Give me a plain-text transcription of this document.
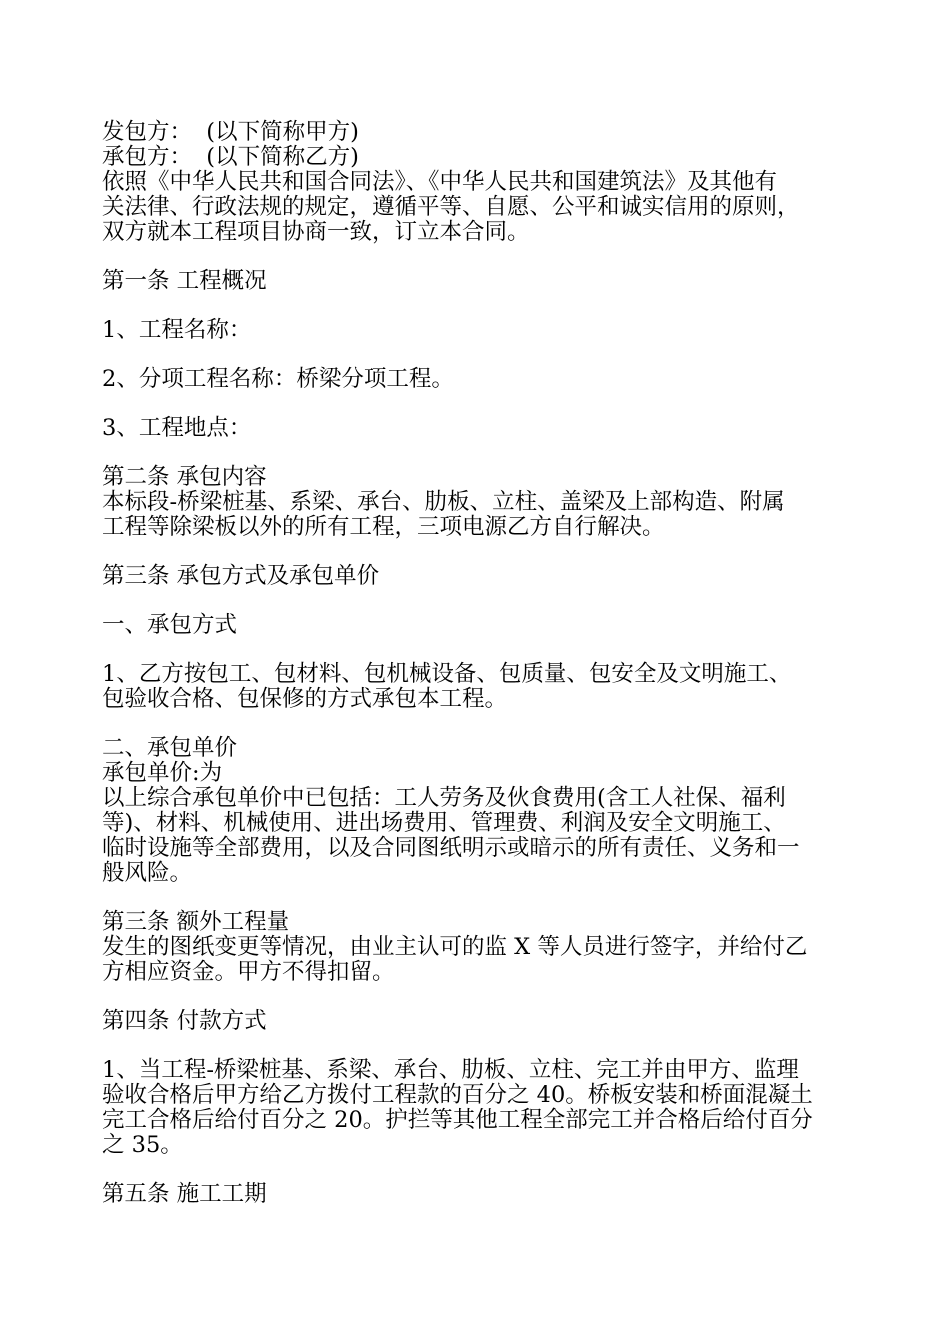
发包方：  (以下简称甲方)
承包方：  (以下简称乙方)
依照《中华人民共和国合同法》、《中华人民共和国建筑法》及其他有
关法律、行政法规的规定，遵循平等、自愿、公平和诚实信用的原则，
双方就本工程项目协商一致，订立本合同。
第一条 工程概况
1、工程名称：
2、分项工程名称：桥梁分项工程。
3、工程地点：
第二条 承包内容
本标段-桥梁桩基、系梁、承台、肋板、立柱、盖梁及上部构造、附属
工程等除梁板以外的所有工程，三项电源乙方自行解决。
第三条 承包方式及承包单价
一、承包方式
1、乙方按包工、包材料、包机械设备、包质量、包安全及文明施工、
包验收合格、包保修的方式承包本工程。
二、承包单价
承包单价:为
以上综合承包单价中已包括：工人劳务及伙食费用(含工人社保、福利
等)、材料、机械使用、进出场费用、管理费、利润及安全文明施工、
临时设施等全部费用，以及合同图纸明示或暗示的所有责任、义务和一
般风险。
第三条 额外工程量
发生的图纸变更等情况，由业主认可的监 X 等人员进行签字，并给付乙
方相应资金。甲方不得扣留。
第四条 付款方式
1、当工程-桥梁桩基、系梁、承台、肋板、立柱、完工并由甲方、监理
验收合格后甲方给乙方拨付工程款的百分之 40。桥板安装和桥面混凝土
完工合格后给付百分之 20。护拦等其他工程全部完工并合格后给付百分
之 35。
第五条 施工工期
